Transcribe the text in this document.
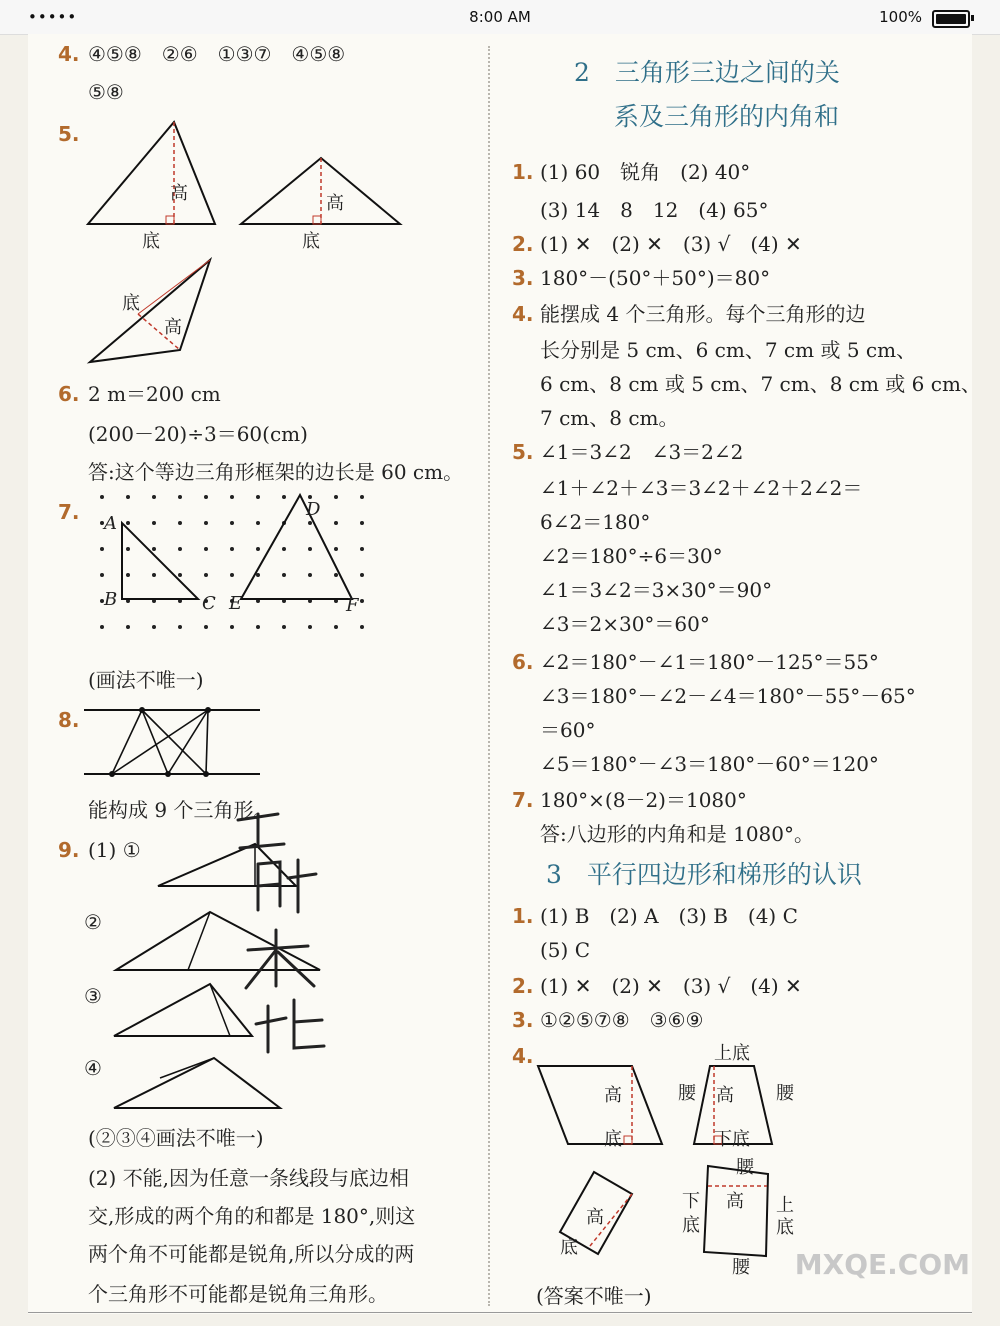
•••••	8:00 AM	100%
4. ④⑤⑧　②⑥　①③⑦　④⑤⑧
⑤⑧
5.
高
底
高
底
底
高
6. 2 m＝200 cm
(200－20)÷3＝60(cm)
答:这个等边三角形框架的边长是 60 cm。
7. A
B	C
D
E	F
(画法不唯一)
8.
能构成 9 个三角形。
9. (1) ①
②
③
④
(②③④画法不唯一)
(2) 不能,因为任意一条线段与底边相
交,形成的两个角的和都是 180°,则这
两个角不可能都是锐角,所以分成的两
个三角形不可能都是锐角三角形。
2　三角形三边之间的关
系及三角形的内角和
1. (1) 60　锐角　(2) 40°
(3) 14　8　12　(4) 65°
2. (1) ✕　(2) ✕　(3) √　(4) ✕
3. 180°－(50°＋50°)＝80°
4. 能摆成 4 个三角形。每个三角形的边
长分别是 5 cm、6 cm、7 cm 或 5 cm、
6 cm、8 cm 或 5 cm、7 cm、8 cm 或 6 cm、
7 cm、8 cm。
5. ∠1＝3∠2　∠3＝2∠2
∠1＋∠2＋∠3＝3∠2＋∠2＋2∠2＝
6∠2＝180°
∠2＝180°÷6＝30°
∠1＝3∠2＝3×30°＝90°
∠3＝2×30°＝60°
6. ∠2＝180°－∠1＝180°－125°＝55°
∠3＝180°－∠2－∠4＝180°－55°－65°
＝60°
∠5＝180°－∠3＝180°－60°＝120°
7. 180°×(8－2)＝1080°
答:八边形的内角和是 1080°。
3　平行四边形和梯形的认识
1. (1) B　(2) A　(3) B　(4) C
(5) C
2. (1) ✕　(2) ✕　(3) √　(4) ✕
3. ①②⑤⑦⑧　③⑥⑨
4.
高
底
上底
腰 高 腰
下底
高
底
腰
高
下
底
上
底
腰
(答案不唯一)
MXQE.COM
